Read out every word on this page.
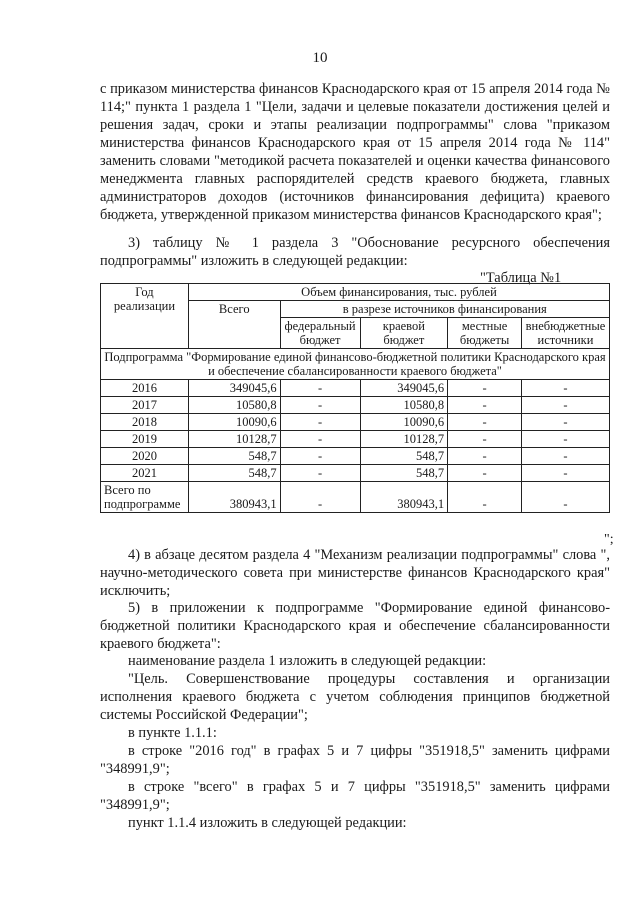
10
с приказом министерства финансов Краснодарского края от 15 апреля 2014 года № 114;" пункта 1 раздела 1 "Цели, задачи и целевые показатели достижения целей и решения задач, сроки и этапы реализации подпрограммы" слова "приказом министерства финансов Краснодарского края от 15 апреля 2014 года № 114" заменить словами "методикой расчета показателей и оценки качества финансового менеджмента главных распорядителей средств краевого бюджета, главных администраторов доходов (источников финансирования дефицита) краевого бюджета, утвержденной приказом министерства финансов Краснодарского края";
3) таблицу № 1 раздела 3 "Обоснование ресурсного обеспечения подпрограммы" изложить в следующей редакции:
"Таблица №1
Год реализации	Объем финансирования, тыс. рублей				
	Всего	в разрезе источников финансирования			
		федеральный бюджет	краевой бюджет	местные бюджеты	внебюджетные источники
Подпрограмма "Формирование единой финансово-бюджетной политики Краснодарского края и обеспечение сбалансированности краевого бюджета"					
2016	349045,6	-	349045,6	-	-
2017	10580,8	-	10580,8	-	-
2018	10090,6	-	10090,6	-	-
2019	10128,7	-	10128,7	-	-
2020	548,7	-	548,7	-	-
2021	548,7	-	548,7	-	-
Всего по подпрограмме	380943,1	-	380943,1	-	-
";
4) в абзаце десятом раздела 4 "Механизм реализации подпрограммы" слова ", научно-методического совета при министерстве финансов Краснодарского края" исключить;
5) в приложении к подпрограмме "Формирование единой финансово-бюджетной политики Краснодарского края и обеспечение сбалансированности краевого бюджета":
наименование раздела 1 изложить в следующей редакции:
"Цель. Совершенствование процедуры составления и организации исполнения краевого бюджета с учетом соблюдения принципов бюджетной системы Российской Федерации";
в пункте 1.1.1:
в строке "2016 год" в графах 5 и 7 цифры "351918,5" заменить цифрами "348991,9";
в строке "всего" в графах 5 и 7 цифры "351918,5" заменить цифрами "348991,9";
пункт 1.1.4 изложить в следующей редакции:
